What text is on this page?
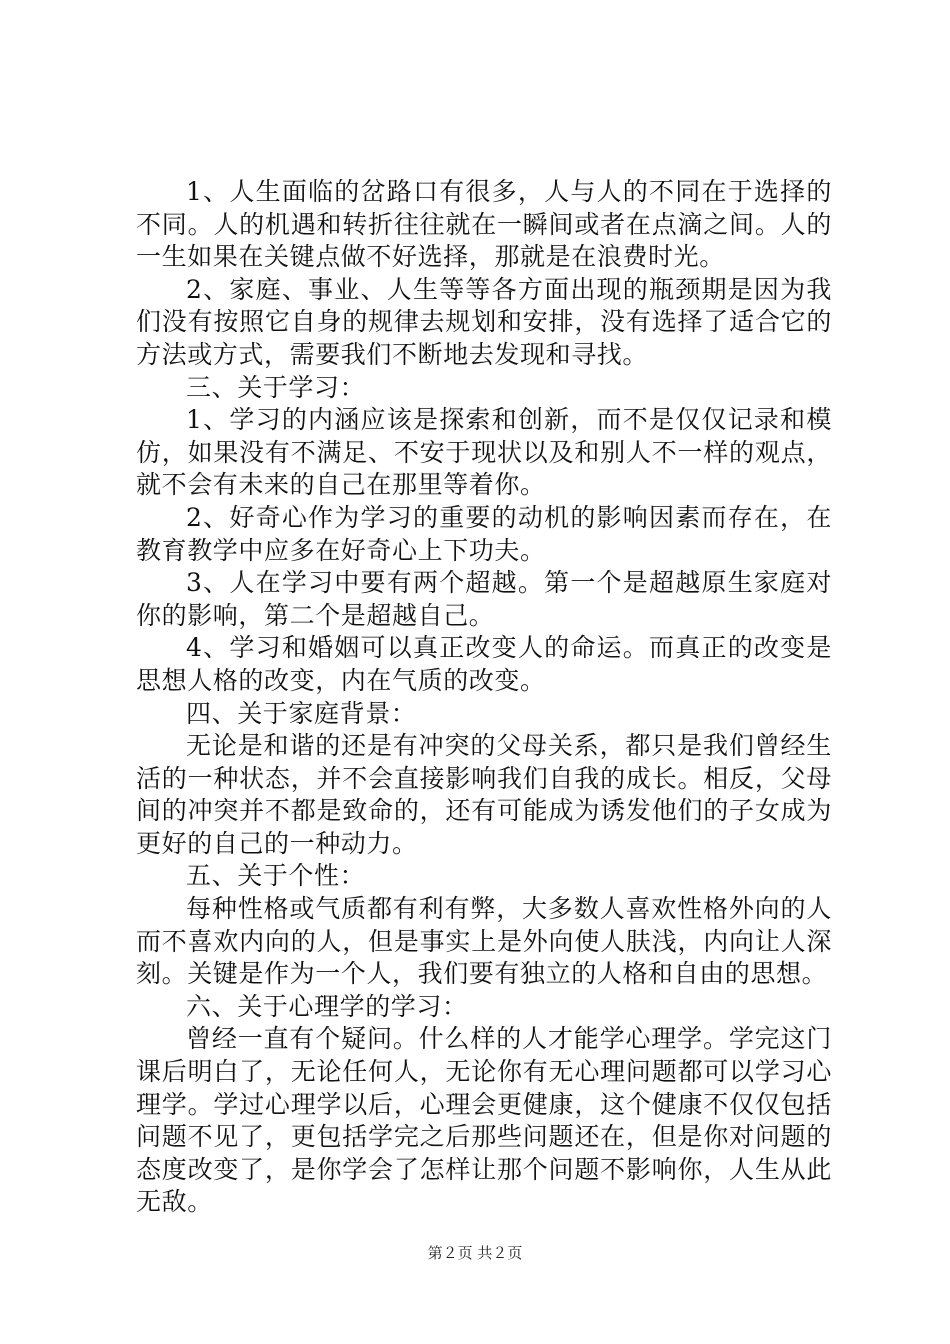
1、人生面临的岔路口有很多，人与人的不同在于选择的不同。人的机遇和转折往往就在一瞬间或者在点滴之间。人的一生如果在关键点做不好选择，那就是在浪费时光。

2、家庭、事业、人生等等各方面出现的瓶颈期是因为我们没有按照它自身的规律去规划和安排，没有选择了适合它的方法或方式，需要我们不断地去发现和寻找。

三、关于学习：

1、学习的内涵应该是探索和创新，而不是仅仅记录和模仿，如果没有不满足、不安于现状以及和别人不一样的观点，就不会有未来的自己在那里等着你。

2、好奇心作为学习的重要的动机的影响因素而存在，在教育教学中应多在好奇心上下功夫。

3、人在学习中要有两个超越。第一个是超越原生家庭对你的影响，第二个是超越自己。

4、学习和婚姻可以真正改变人的命运。而真正的改变是思想人格的改变，内在气质的改变。

四、关于家庭背景：

无论是和谐的还是有冲突的父母关系，都只是我们曾经生活的一种状态，并不会直接影响我们自我的成长。相反，父母间的冲突并不都是致命的，还有可能成为诱发他们的子女成为更好的自己的一种动力。

五、关于个性：

每种性格或气质都有利有弊，大多数人喜欢性格外向的人而不喜欢内向的人，但是事实上是外向使人肤浅，内向让人深刻。关键是作为一个人，我们要有独立的人格和自由的思想。

六、关于心理学的学习：

曾经一直有个疑问。什么样的人才能学心理学。学完这门课后明白了，无论任何人，无论你有无心理问题都可以学习心理学。学过心理学以后，心理会更健康，这个健康不仅仅包括问题不见了，更包括学完之后那些问题还在，但是你对问题的态度改变了，是你学会了怎样让那个问题不影响你，人生从此无敌。

第２页 共２页
